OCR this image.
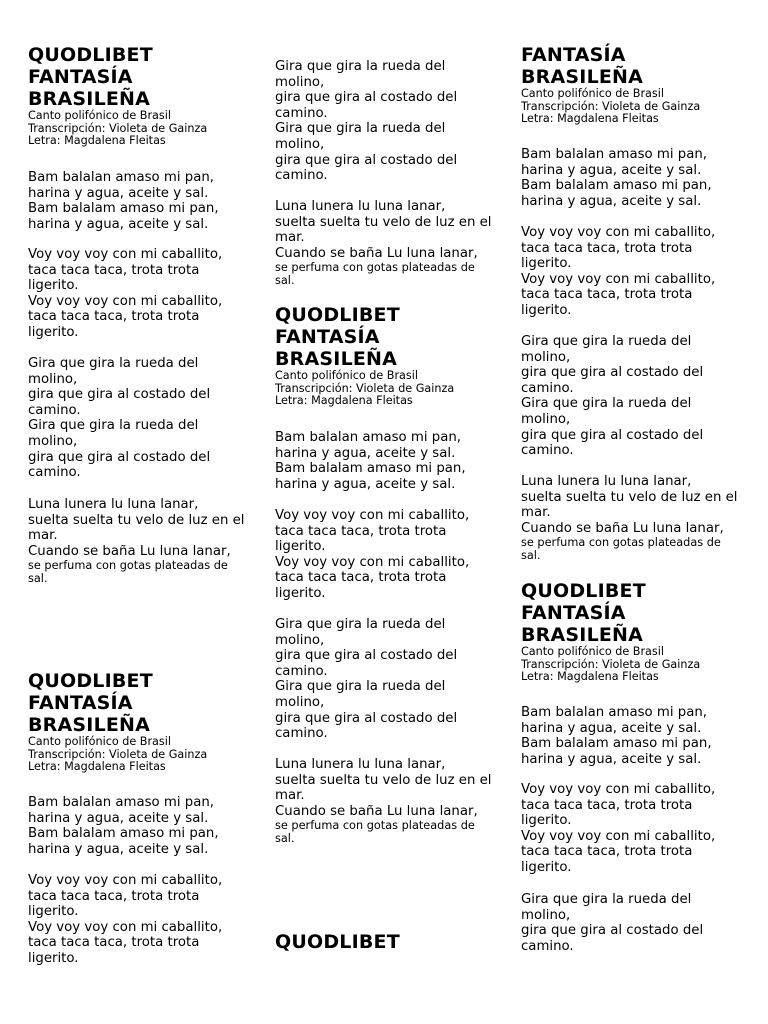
QUODLIBET
FANTASÍA
BRASILEÑA
Canto polifónico de Brasil
Transcripción: Violeta de Gainza
Letra: Magdalena Fleitas
Bam balalan amaso mi pan,
harina y agua, aceite y sal.
Bam balalam amaso mi pan,
harina y agua, aceite y sal.
Voy voy voy con mi caballito,
taca taca taca, trota trota
ligerito.
Voy voy voy con mi caballito,
taca taca taca, trota trota
ligerito.
Gira que gira la rueda del
molino,
gira que gira al costado del
camino.
Gira que gira la rueda del
molino,
gira que gira al costado del
camino.
Luna lunera lu luna lanar,
suelta suelta tu velo de luz en el
mar.
Cuando se baña Lu luna lanar,
se perfuma con gotas plateadas de
sal.
QUODLIBET
FANTASÍA
BRASILEÑA
Canto polifónico de Brasil
Transcripción: Violeta de Gainza
Letra: Magdalena Fleitas
Bam balalan amaso mi pan,
harina y agua, aceite y sal.
Bam balalam amaso mi pan,
harina y agua, aceite y sal.
Voy voy voy con mi caballito,
taca taca taca, trota trota
ligerito.
Voy voy voy con mi caballito,
taca taca taca, trota trota
ligerito.
Gira que gira la rueda del
molino,
gira que gira al costado del
camino.
Gira que gira la rueda del
molino,
gira que gira al costado del
camino.
Luna lunera lu luna lanar,
suelta suelta tu velo de luz en el
mar.
Cuando se baña Lu luna lanar,
se perfuma con gotas plateadas de
sal.
QUODLIBET
FANTASÍA
BRASILEÑA
Canto polifónico de Brasil
Transcripción: Violeta de Gainza
Letra: Magdalena Fleitas
Bam balalan amaso mi pan,
harina y agua, aceite y sal.
Bam balalam amaso mi pan,
harina y agua, aceite y sal.
Voy voy voy con mi caballito,
taca taca taca, trota trota
ligerito.
Voy voy voy con mi caballito,
taca taca taca, trota trota
ligerito.
Gira que gira la rueda del
molino,
gira que gira al costado del
camino.
Gira que gira la rueda del
molino,
gira que gira al costado del
camino.
Luna lunera lu luna lanar,
suelta suelta tu velo de luz en el
mar.
Cuando se baña Lu luna lanar,
se perfuma con gotas plateadas de
sal.
QUODLIBET
FANTASÍA
BRASILEÑA
Canto polifónico de Brasil
Transcripción: Violeta de Gainza
Letra: Magdalena Fleitas
Bam balalan amaso mi pan,
harina y agua, aceite y sal.
Bam balalam amaso mi pan,
harina y agua, aceite y sal.
Voy voy voy con mi caballito,
taca taca taca, trota trota
ligerito.
Voy voy voy con mi caballito,
taca taca taca, trota trota
ligerito.
Gira que gira la rueda del
molino,
gira que gira al costado del
camino.
Gira que gira la rueda del
molino,
gira que gira al costado del
camino.
Luna lunera lu luna lanar,
suelta suelta tu velo de luz en el
mar.
Cuando se baña Lu luna lanar,
se perfuma con gotas plateadas de
sal.
QUODLIBET
FANTASÍA
BRASILEÑA
Canto polifónico de Brasil
Transcripción: Violeta de Gainza
Letra: Magdalena Fleitas
Bam balalan amaso mi pan,
harina y agua, aceite y sal.
Bam balalam amaso mi pan,
harina y agua, aceite y sal.
Voy voy voy con mi caballito,
taca taca taca, trota trota
ligerito.
Voy voy voy con mi caballito,
taca taca taca, trota trota
ligerito.
Gira que gira la rueda del
molino,
gira que gira al costado del
camino.
